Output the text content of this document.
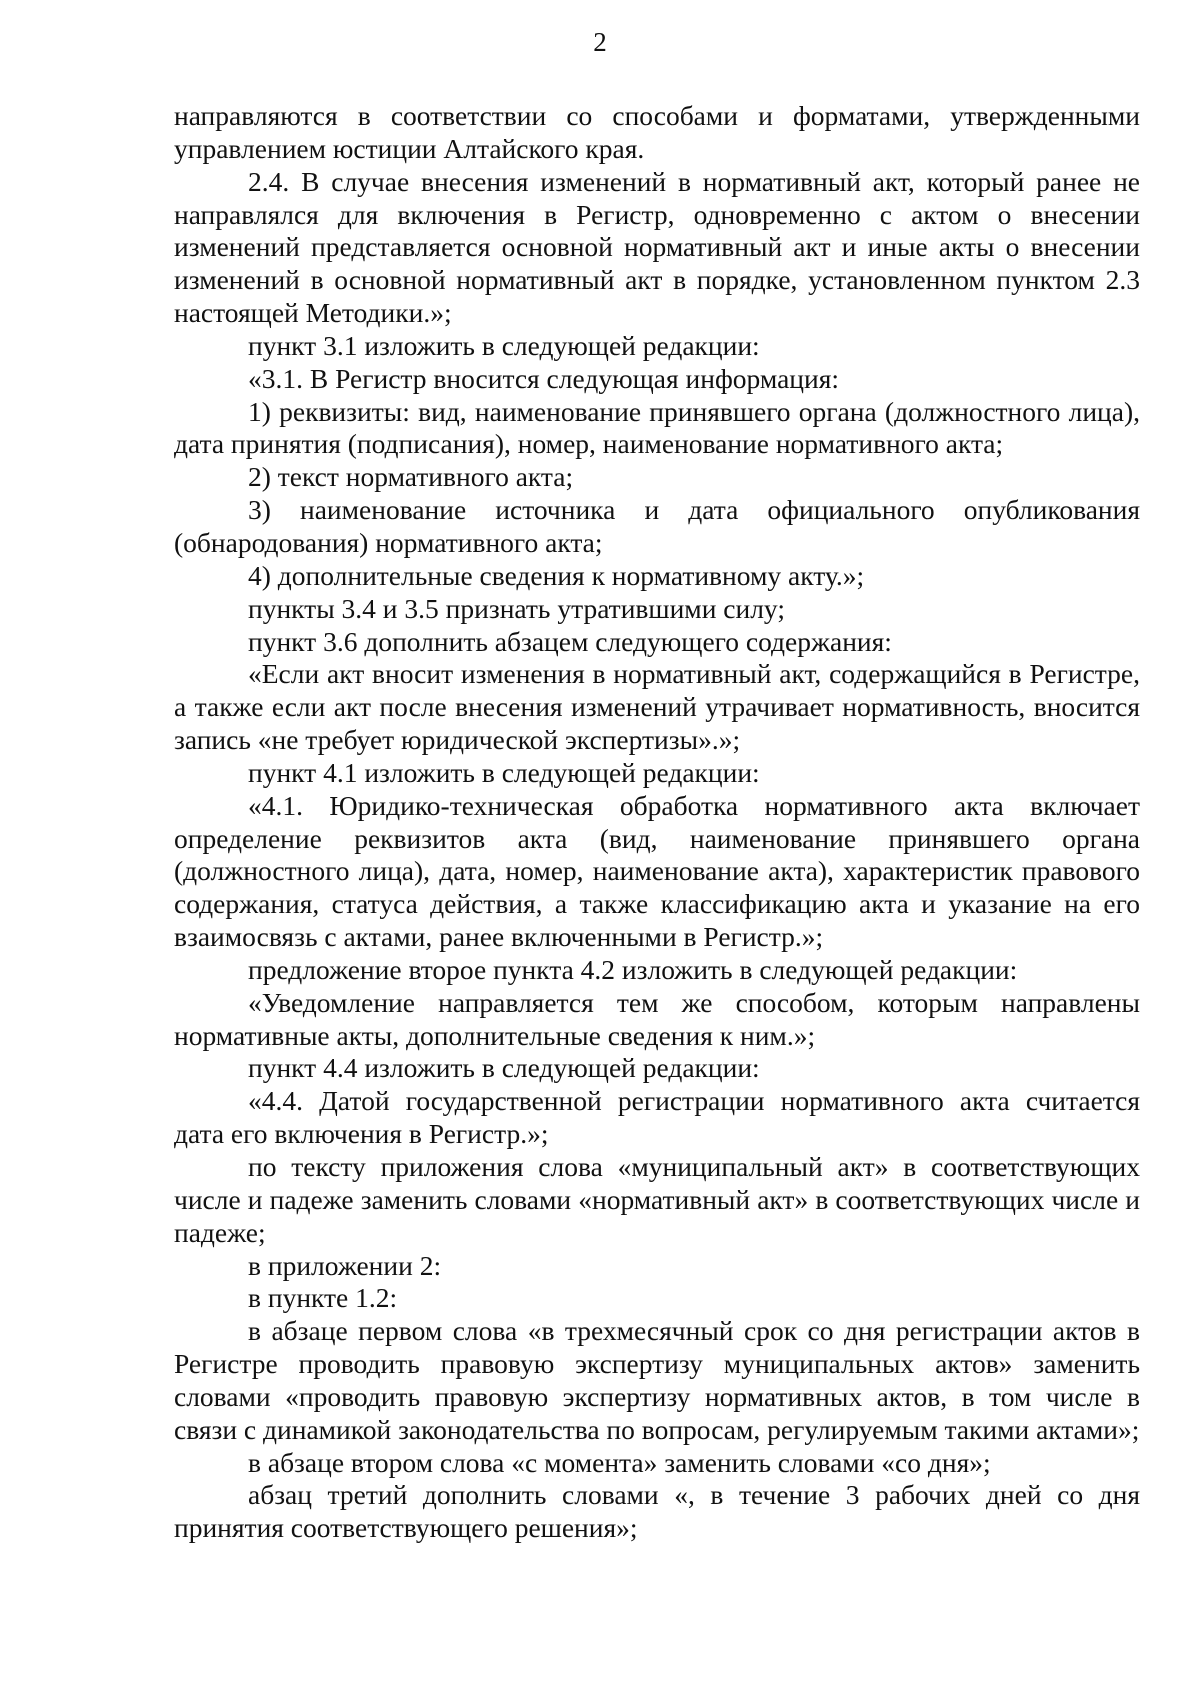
2

направляются в соответствии со способами и форматами, утвержденными управлением юстиции Алтайского края.

2.4. В случае внесения изменений в нормативный акт, который ранее не направлялся для включения в Регистр, одновременно с актом о внесении изменений представляется основной нормативный акт и иные акты о внесении изменений в основной нормативный акт в порядке, установленном пунктом 2.3 настоящей Методики.»;

пункт 3.1 изложить в следующей редакции:

«3.1. В Регистр вносится следующая информация:

1) реквизиты: вид, наименование принявшего органа (должностного лица), дата принятия (подписания), номер, наименование нормативного акта;

2) текст нормативного акта;

3) наименование источника и дата официального опубликования (обнародования) нормативного акта;

4) дополнительные сведения к нормативному акту.»;

пункты 3.4 и 3.5 признать утратившими силу;

пункт 3.6 дополнить абзацем следующего содержания:

«Если акт вносит изменения в нормативный акт, содержащийся в Регистре, а также если акт после внесения изменений утрачивает нормативность, вносится запись «не требует юридической экспертизы».»;

пункт 4.1 изложить в следующей редакции:

«4.1. Юридико-техническая обработка нормативного акта включает определение реквизитов акта (вид, наименование принявшего органа (должностного лица), дата, номер, наименование акта), характеристик правового содержания, статуса действия, а также классификацию акта и указание на его взаимосвязь с актами, ранее включенными в Регистр.»;

предложение второе пункта 4.2 изложить в следующей редакции:

«Уведомление направляется тем же способом, которым направлены нормативные акты, дополнительные сведения к ним.»;

пункт 4.4 изложить в следующей редакции:

«4.4. Датой государственной регистрации нормативного акта считается дата его включения в Регистр.»;

по тексту приложения слова «муниципальный акт» в соответствующих числе и падеже заменить словами «нормативный акт» в соответствующих числе и падеже;

в приложении 2:

в пункте 1.2:

в абзаце первом слова «в трехмесячный срок со дня регистрации актов в Регистре проводить правовую экспертизу муниципальных актов» заменить словами «проводить правовую экспертизу нормативных актов, в том числе в связи с динамикой законодательства по вопросам, регулируемым такими актами»;

в абзаце втором слова «с момента» заменить словами «со дня»;

абзац третий дополнить словами «, в течение 3 рабочих дней со дня принятия соответствующего решения»;
